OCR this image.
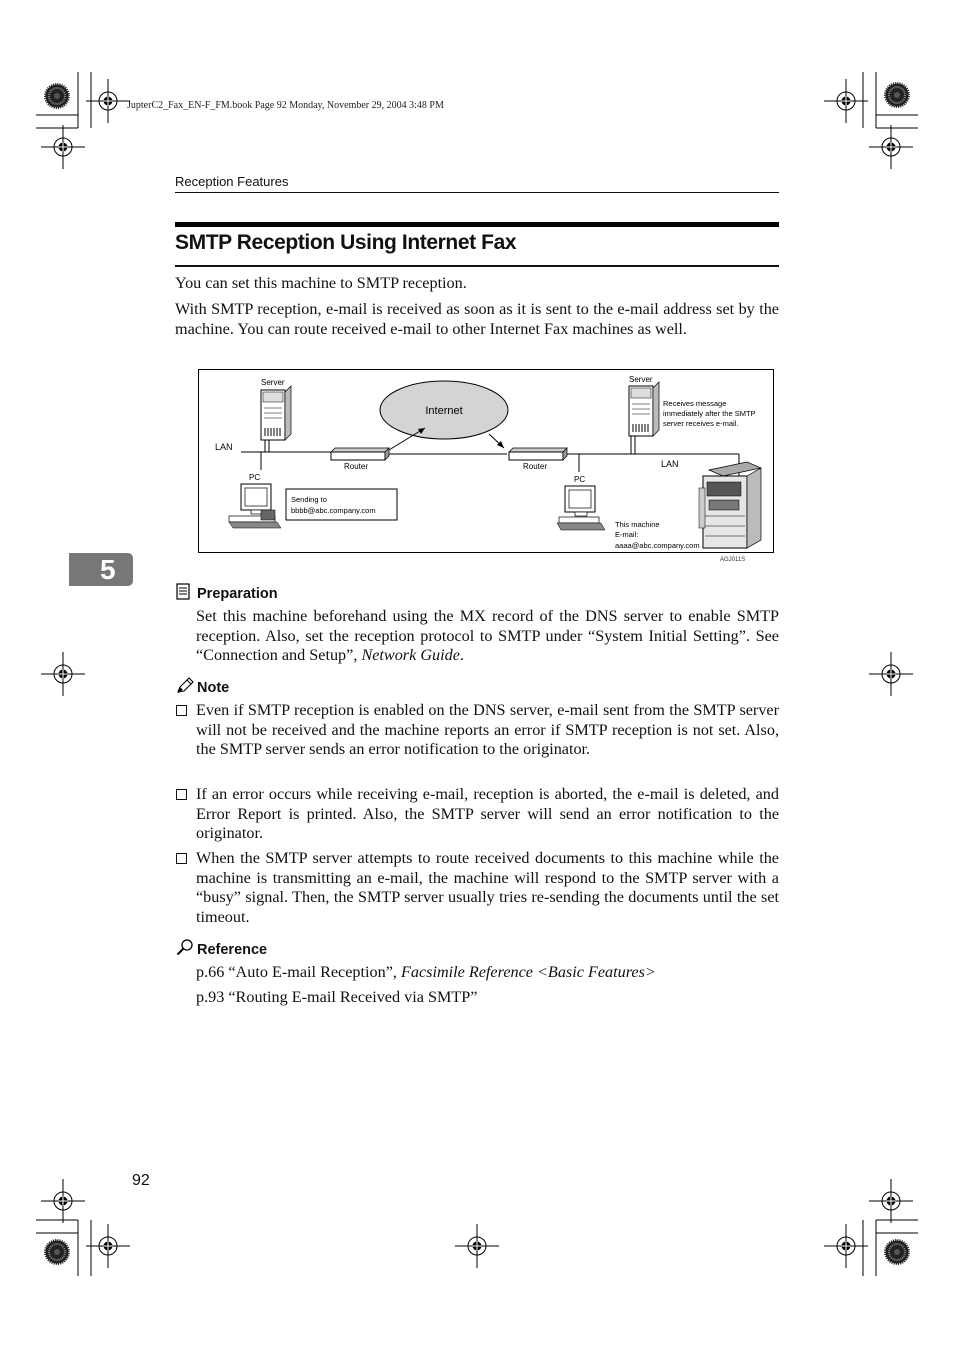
JupterC2_Fax_EN-F_FM.book Page 92 Monday, November 29, 2004 3:48 PM
Reception Features
SMTP Reception Using Internet Fax
You can set this machine to SMTP reception.
With SMTP reception, e-mail is received as soon as it is sent to the e-mail address set by the machine. You can route received e-mail to other Internet Fax machines as well.
Server
LAN
Router
PC
Sending to
bbbb@abc.company.com
Internet
Router	LAN
Server
Receives message
immediately after the SMTP
server receives e-mail.
PC
This machine
E-mail:
aaaa@abc.company.com
AGJ011S
5
Preparation
Set this machine beforehand using the MX record of the DNS server to enable SMTP reception. Also, set the reception protocol to SMTP under “System Initial Setting”. See “Connection and Setup”, Network Guide.
Note
Even if SMTP reception is enabled on the DNS server, e-mail sent from the SMTP server will not be received and the machine reports an error if SMTP reception is not set. Also, the SMTP server sends an error notification to the originator.
If an error occurs while receiving e-mail, reception is aborted, the e-mail is deleted, and Error Report is printed. Also, the SMTP server will send an error notification to the originator.
When the SMTP server attempts to route received documents to this machine while the machine is transmitting an e-mail, the machine will respond to the SMTP server with a “busy” signal. Then, the SMTP server usually tries re-sending the documents until the set timeout.
Reference
p.66 “Auto E-mail Reception”, Facsimile Reference <Basic Features>
p.93 “Routing E-mail Received via SMTP”
92
